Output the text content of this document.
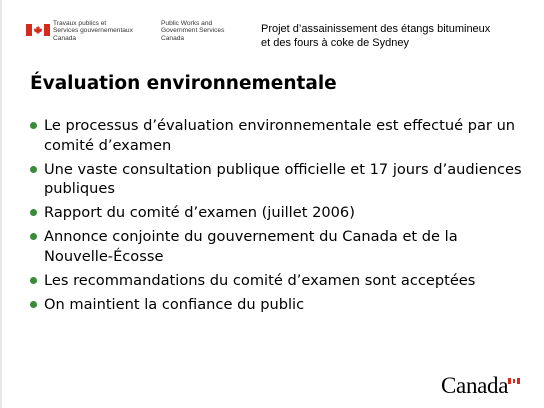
Travaux publics et
Services gouvernementaux
Canada
Public Works and
Government Services
Canada
Projet d’assainissement des étangs bitumineux
et des fours à coke de Sydney
Évaluation environnementale
Le processus d’évaluation environnementale est effectué par un comité d’examen
Une vaste consultation publique officielle et 17 jours d’audiences publiques
Rapport du comité d’examen (juillet 2006)
Annonce conjointe du gouvernement du Canada et de la Nouvelle-Écosse
Les recommandations du comité d’examen sont acceptées
On maintient la confiance du public
Canada
